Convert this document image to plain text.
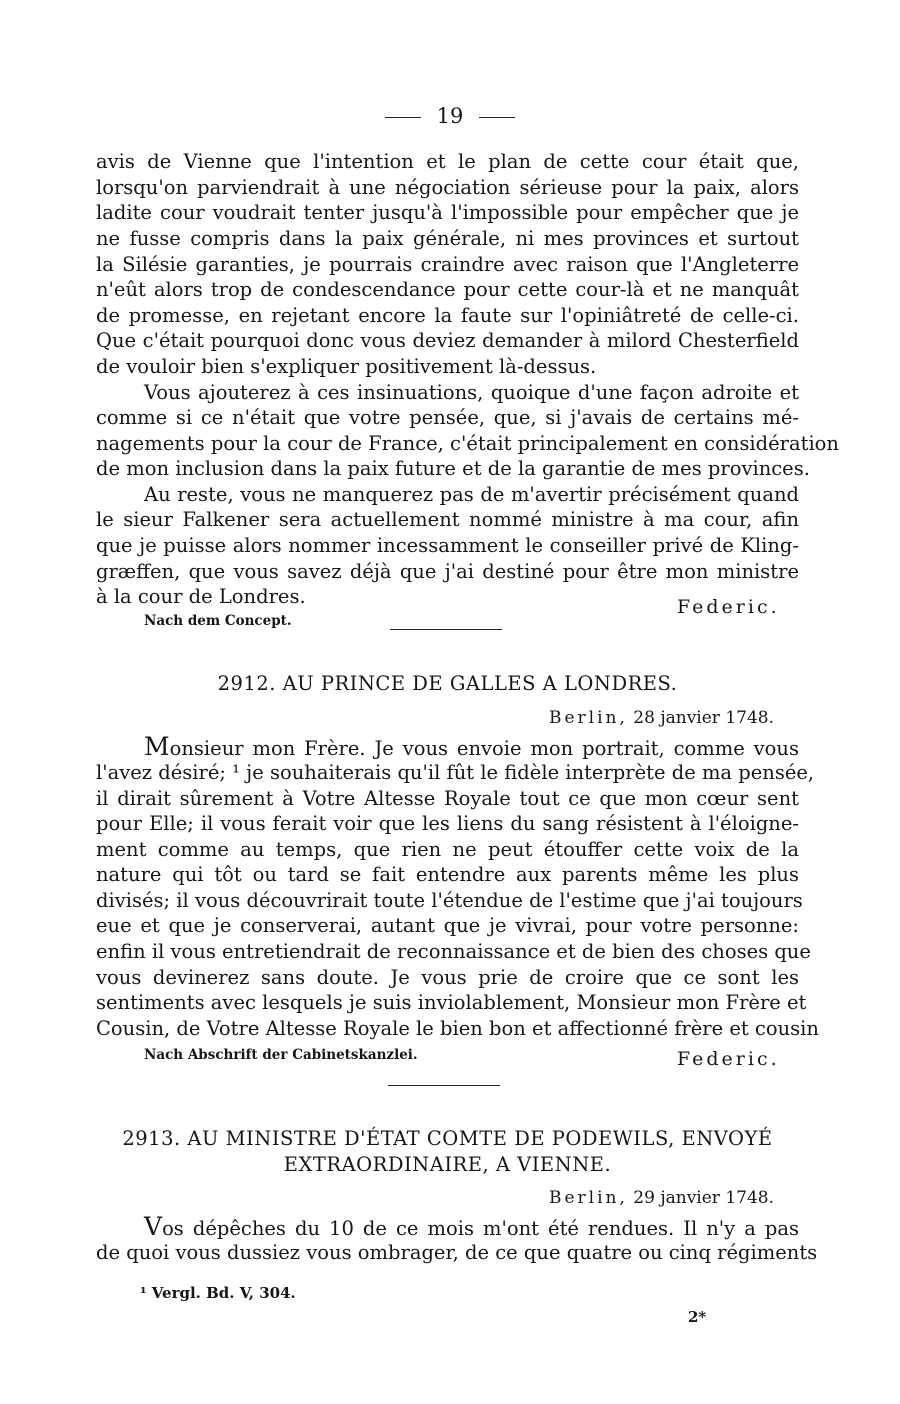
19
avis de Vienne que l'intention et le plan de cette cour était que,
lorsqu'on parviendrait à une négociation sérieuse pour la paix, alors
ladite cour voudrait tenter jusqu'à l'impossible pour empêcher que je
ne fusse compris dans la paix générale, ni mes provinces et surtout
la Silésie garanties, je pourrais craindre avec raison que l'Angleterre
n'eût alors trop de condescendance pour cette cour-là et ne manquât
de promesse, en rejetant encore la faute sur l'opiniâtreté de celle-ci.
Que c'était pourquoi donc vous deviez demander à milord Chesterfield
de vouloir bien s'expliquer positivement là-dessus.
Vous ajouterez à ces insinuations, quoique d'une façon adroite et
comme si ce n'était que votre pensée, que, si j'avais de certains mé-
nagements pour la cour de France, c'était principalement en considération
de mon inclusion dans la paix future et de la garantie de mes provinces.
Au reste, vous ne manquerez pas de m'avertir précisément quand
le sieur Falkener sera actuellement nommé ministre à ma cour, afin
que je puisse alors nommer incessamment le conseiller privé de Kling-
græffen, que vous savez déjà que j'ai destiné pour être mon ministre
à la cour de Londres.	Federic.
Nach dem Concept.
2912. AU PRINCE DE GALLES A LONDRES.
Berlin, 28 janvier 1748.
Monsieur mon Frère. Je vous envoie mon portrait, comme vous
l'avez désiré; ¹ je souhaiterais qu'il fût le fidèle interprète de ma pensée,
il dirait sûrement à Votre Altesse Royale tout ce que mon cœur sent
pour Elle; il vous ferait voir que les liens du sang résistent à l'éloigne-
ment comme au temps, que rien ne peut étouffer cette voix de la
nature qui tôt ou tard se fait entendre aux parents même les plus
divisés; il vous découvrirait toute l'étendue de l'estime que j'ai toujours
eue et que je conserverai, autant que je vivrai, pour votre personne:
enfin il vous entretiendrait de reconnaissance et de bien des choses que
vous devinerez sans doute. Je vous prie de croire que ce sont les
sentiments avec lesquels je suis inviolablement, Monsieur mon Frère et
Cousin, de Votre Altesse Royale le bien bon et affectionné frère et cousin
Nach Abschrift der Cabinetskanzlei.	Federic.
2913. AU MINISTRE D'ÉTAT COMTE DE PODEWILS, ENVOYÉ
EXTRAORDINAIRE, A VIENNE.
Berlin, 29 janvier 1748.
Vos dépêches du 10 de ce mois m'ont été rendues. Il n'y a pas
de quoi vous dussiez vous ombrager, de ce que quatre ou cinq régiments
¹ Vergl. Bd. V, 304.
2*
